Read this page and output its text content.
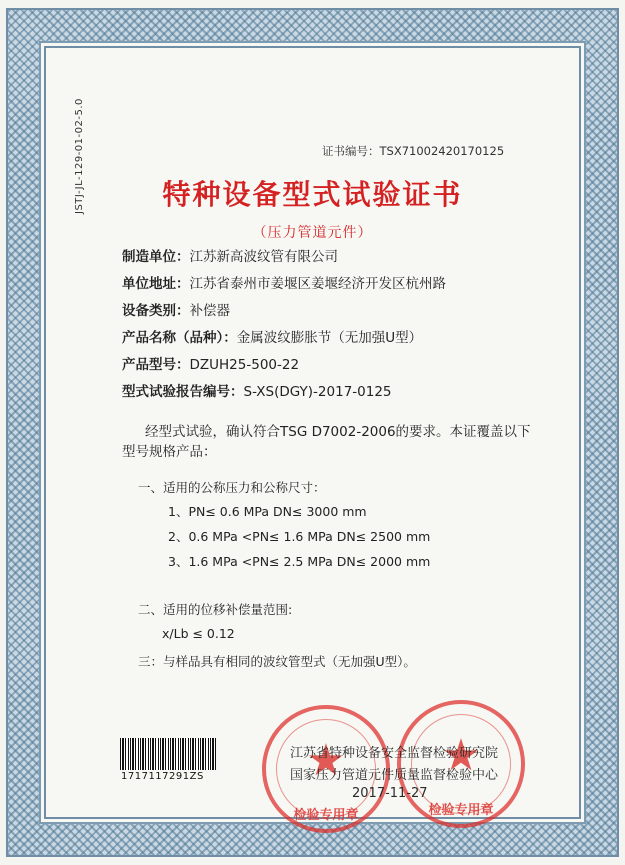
JSTJ-JL-129-01-02-5.0	证书编号：TSX71002420170125
特种设备型式试验证书
（压力管道元件）
制造单位：江苏新高波纹管有限公司
单位地址：江苏省泰州市姜堰区姜堰经济开发区杭州路
设备类别：补偿器
产品名称（品种）：金属波纹膨胀节（无加强U型）
产品型号：DZUH25-500-22
型式试验报告编号：S-XS(DGY)-2017-0125
经型式试验，确认符合TSG D7002-2006的要求。本证覆盖以下
型号规格产品：
一、适用的公称压力和公称尺寸：
1、PN≤ 0.6 MPa DN≤ 3000 mm
2、0.6 MPa <PN≤ 1.6 MPa DN≤ 2500 mm
3、1.6 MPa <PN≤ 2.5 MPa DN≤ 2000 mm
二、适用的位移补偿量范围:
x/Lb ≤ 0.12
三：与样品具有相同的波纹管型式（无加强U型）。
★
检验专用章
★
检验专用章
江苏省特种设备安全监督检验研究院
国家压力管道元件质量监督检验中心
2017-11-27
1717117291ZS
